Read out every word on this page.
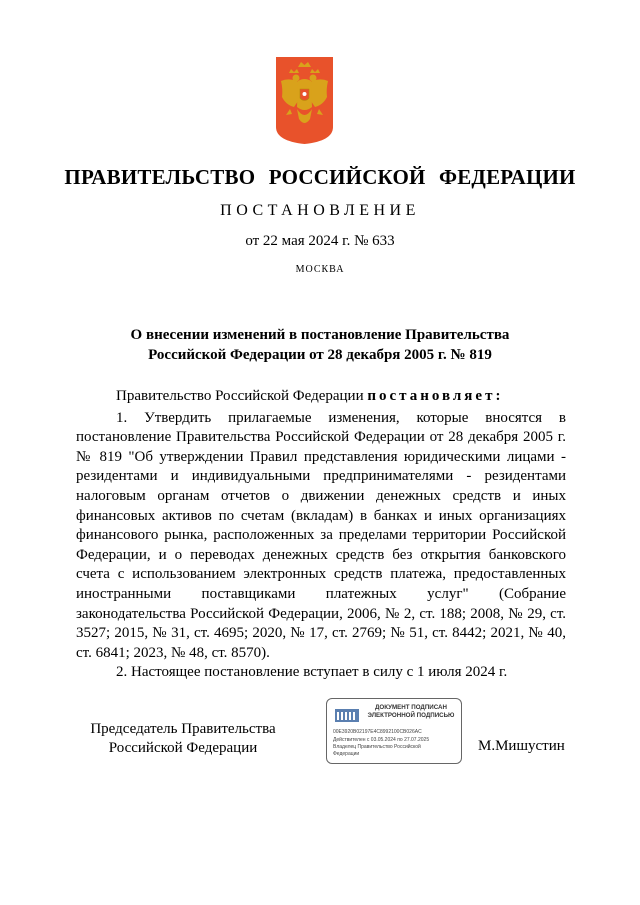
ПРАВИТЕЛЬСТВО РОССИЙСКОЙ ФЕДЕРАЦИИ
ПОСТАНОВЛЕНИЕ
от 22 мая 2024 г. № 633
МОСКВА
О внесении изменений в постановление Правительства
Российской Федерации от 28 декабря 2005 г. № 819

Правительство Российской Федерации постановляет:

1. Утвердить прилагаемые изменения, которые вносятся в постановление Правительства Российской Федерации от 28 декабря 2005 г. № 819 "Об утверждении Правил представления юридическими лицами - резидентами и индивидуальными предпринимателями - резидентами налоговым органам отчетов о движении денежных средств и иных финансовых активов по счетам (вкладам) в банках и иных организациях финансового рынка, расположенных за пределами территории Российской Федерации, и о переводах денежных средств без открытия банковского счета с использованием электронных средств платежа, предоставленных иностранными поставщиками платежных услуг" (Собрание законодательства Российской Федерации, 2006, № 2, ст. 188; 2008, № 29, ст. 3527; 2015, № 31, ст. 4695; 2020, № 17, ст. 2769; № 51, ст. 8442; 2021, № 40, ст. 6841; 2023, № 48, ст. 8570).

2. Настоящее постановление вступает в силу с 1 июля 2024 г.

Председатель Правительства
Российской Федерации
ДОКУМЕНТ ПОДПИСАН
ЭЛЕКТРОННОЙ ПОДПИСЬЮ
00E3920B02197E4C8992100CB026AC
Действителен с 03.05.2024 по 27.07.2025
Владелец Правительство Российской
Федерации	М.Мишустин
